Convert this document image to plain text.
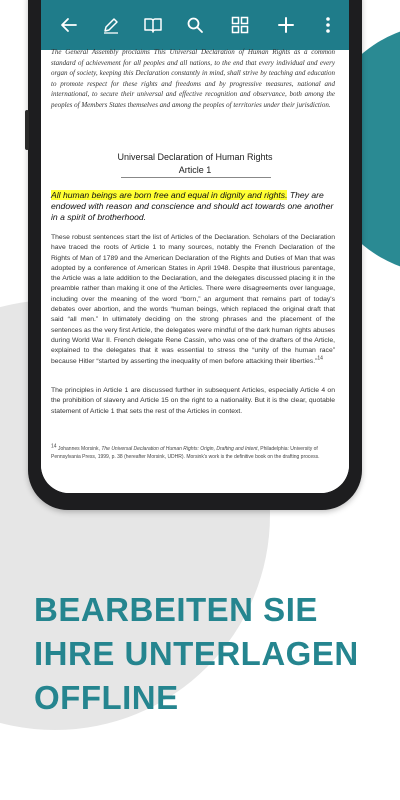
The General Assembly proclaims This Universal Declaration of Human Rights as a common standard of achievement for all peoples and all nations, to the end that every individual and every organ of society, keeping this Declaration constantly in mind, shall strive by teaching and education to promote respect for these rights and freedoms and by progressive measures, national and international, to secure their universal and effective recognition and observance, both among the peoples of Members States themselves and among the peoples of territories under their jurisdiction.

Universal Declaration of Human Rights

Article 1

All human beings are born free and equal in dignity and rights. They are endowed with reason and conscience and should act towards one another in a spirit of brotherhood.

These robust sentences start the list of Articles of the Declaration. Scholars of the Declaration have traced the roots of Article 1 to many sources, notably the French Declaration of the Rights of Man of 1789 and the American Declaration of the Rights and Duties of Man that was adopted by a conference of American States in April 1948. Despite that illustrious parentage, the Article was a late addition to the Declaration, and the delegates discussed placing it in the preamble rather than making it one of the Articles. There were disagreements over language, including over the meaning of the word “born,” an argument that remains part of today's debates over abortion, and the words “human beings, which replaced the original draft that said “all men.” In ultimately deciding on the strong phrases and the placement of the sentences as the very first Article, the delegates were mindful of the dark human rights abuses during World War II. French delegate Rene Cassin, who was one of the drafters of the Article, explained to the delegates that it was essential to stress the “unity of the human race” because Hitler “started by asserting the inequality of men before attacking their liberties.”$^{14}$

The principles in Article 1 are discussed further in subsequent Articles, especially Article 4 on the prohibition of slavery and Article 15 on the right to a nationality. But it is the clear, quotable statement of Article 1 that sets the rest of the Articles in context.

14 Johannes Morsink, The Universal Declaration of Human Rights: Origin, Drafting and Intent, Philadelphia: University of Pennsylvania Press, 1999, p. 38 (hereafter Morsink, UDHR). Morsink's work is the definitive book on the drafting process.

BEARBEITEN SIE

IHRE UNTERLAGEN

OFFLINE
